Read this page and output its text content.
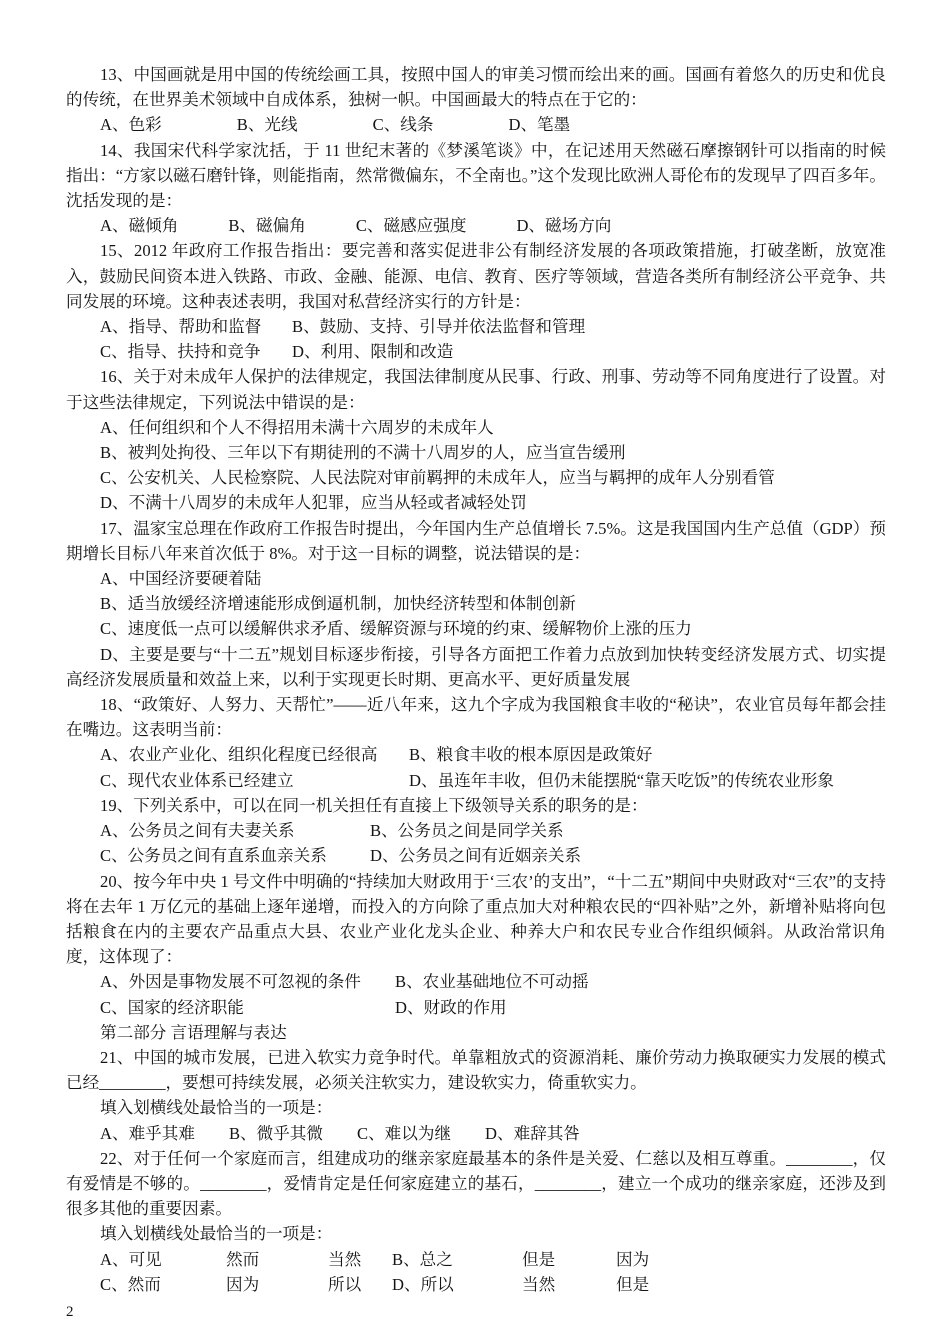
13、中国画就是用中国的传统绘画工具，按照中国人的审美习惯而绘出来的画。国画有着悠久的历史和优良的传统，在世界美术领域中自成体系，独树一帜。中国画最大的特点在于它的：

A、色彩	B、光线	C、线条	D、笔墨

14、我国宋代科学家沈括，于 11 世纪末著的《梦溪笔谈》中，在记述用天然磁石摩擦钢针可以指南的时候指出：“方家以磁石磨针锋，则能指南，然常微偏东，不全南也。”这个发现比欧洲人哥伦布的发现早了四百多年。沈括发现的是：

A、磁倾角	B、磁偏角	C、磁感应强度	D、磁场方向

15、2012 年政府工作报告指出：要完善和落实促进非公有制经济发展的各项政策措施，打破垄断，放宽准入，鼓励民间资本进入铁路、市政、金融、能源、电信、教育、医疗等领域，营造各类所有制经济公平竞争、共同发展的环境。这种表述表明，我国对私营经济实行的方针是：

A、指导、帮助和监督	B、鼓励、支持、引导并依法监督和管理
C、指导、扶持和竞争	D、利用、限制和改造

16、关于对未成年人保护的法律规定，我国法律制度从民事、行政、刑事、劳动等不同角度进行了设置。对于这些法律规定，下列说法中错误的是：

A、任何组织和个人不得招用未满十六周岁的未成年人

B、被判处拘役、三年以下有期徒刑的不满十八周岁的人，应当宣告缓刑

C、公安机关、人民检察院、人民法院对审前羁押的未成年人，应当与羁押的成年人分别看管

D、不满十八周岁的未成年人犯罪，应当从轻或者减轻处罚

17、温家宝总理在作政府工作报告时提出，今年国内生产总值增长 7.5%。这是我国国内生产总值（GDP）预期增长目标八年来首次低于 8%。对于这一目标的调整，说法错误的是：

A、中国经济要硬着陆

B、适当放缓经济增速能形成倒逼机制，加快经济转型和体制创新

C、速度低一点可以缓解供求矛盾、缓解资源与环境的约束、缓解物价上涨的压力

D、主要是要与“十二五”规划目标逐步衔接，引导各方面把工作着力点放到加快转变经济发展方式、切实提高经济发展质量和效益上来，以利于实现更长时期、更高水平、更好质量发展

18、“政策好、人努力、天帮忙”——近八年来，这九个字成为我国粮食丰收的“秘诀”，农业官员每年都会挂在嘴边。这表明当前：

A、农业产业化、组织化程度已经很高	B、粮食丰收的根本原因是政策好
C、现代农业体系已经建立	D、虽连年丰收，但仍未能摆脱“靠天吃饭”的传统农业形象

19、下列关系中，可以在同一机关担任有直接上下级领导关系的职务的是：

A、公务员之间有夫妻关系	B、公务员之间是同学关系
C、公务员之间有直系血亲关系	D、公务员之间有近姻亲关系

20、按今年中央 1 号文件中明确的“持续加大财政用于‘三农’的支出”，“十二五”期间中央财政对“三农”的支持将在去年 1 万亿元的基础上逐年递增，而投入的方向除了重点加大对种粮农民的“四补贴”之外，新增补贴将向包括粮食在内的主要农产品重点大县、农业产业化龙头企业、种养大户和农民专业合作组织倾斜。从政治常识角度，这体现了：

A、外因是事物发展不可忽视的条件	B、农业基础地位不可动摇
C、国家的经济职能	D、财政的作用

第二部分 言语理解与表达

21、中国的城市发展，已进入软实力竞争时代。单靠粗放式的资源消耗、廉价劳动力换取硬实力发展的模式已经________，要想可持续发展，必须关注软实力，建设软实力，倚重软实力。

填入划横线处最恰当的一项是：

A、难乎其难 B、微乎其微 C、难以为继 D、难辞其咎

22、对于任何一个家庭而言，组建成功的继亲家庭最基本的条件是关爱、仁慈以及相互尊重。________，仅有爱情是不够的。________，爱情肯定是任何家庭建立的基石，________，建立一个成功的继亲家庭，还涉及到很多其他的重要因素。

填入划横线处最恰当的一项是：

A、可见	然而	当然	B、总之	但是	因为
C、然而	因为	所以	D、所以	当然	但是
2
